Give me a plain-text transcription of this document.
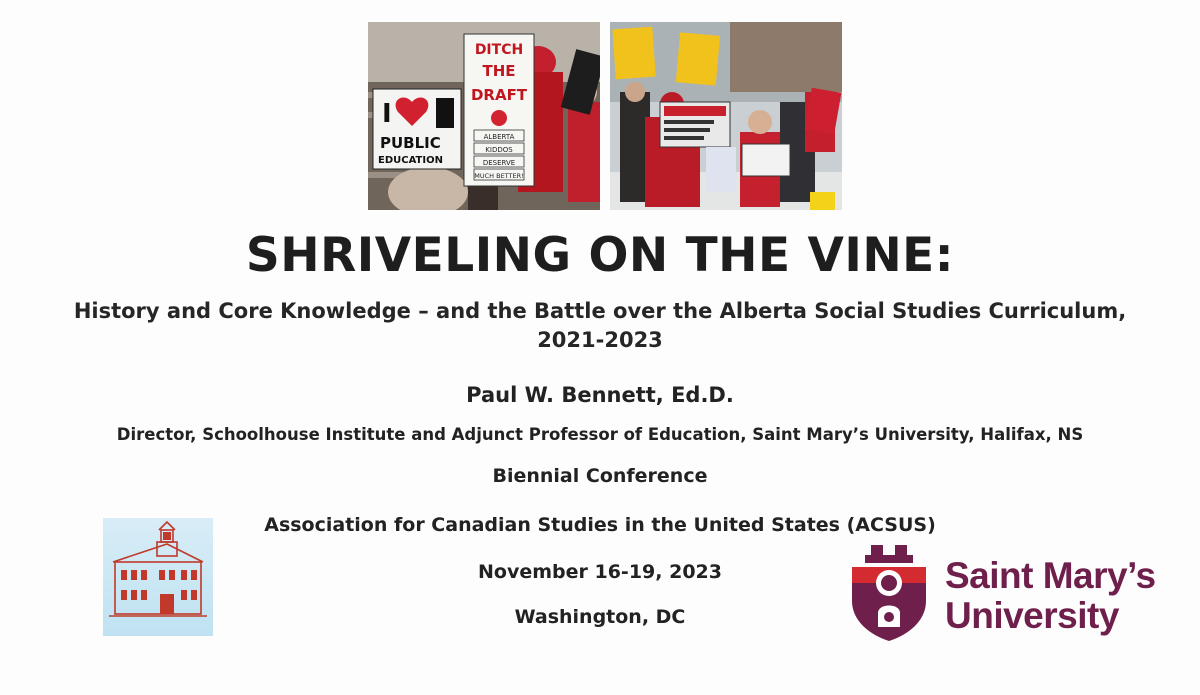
I
PUBLIC
EDUCATION
DITCH
THE
DRAFT
ALBERTA
KIDDOS
DESERVE
MUCH BETTER!
SHRIVELING ON THE VINE:
History and Core Knowledge – and the Battle over the Alberta Social Studies Curriculum,
2021-2023
Paul W. Bennett, Ed.D.
Director, Schoolhouse Institute and Adjunct Professor of Education, Saint Mary’s University, Halifax, NS
Biennial Conference
Association for Canadian Studies in the United States (ACSUS)
November 16-19, 2023
Washington, DC
Saint Mary’s
University
